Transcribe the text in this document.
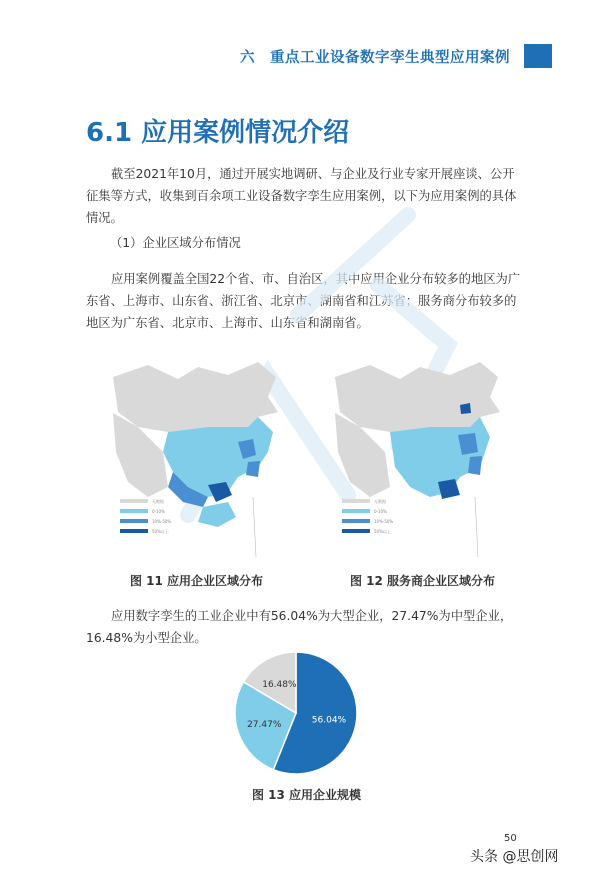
六　重点工业设备数字孪生典型应用案例
6.1 应用案例情况介绍

截至2021年10月，通过开展实地调研、与企业及行业专家开展座谈、公开征集等方式，收集到百余项工业设备数字孪生应用案例，以下为应用案例的具体情况。

（1）企业区域分布情况

应用案例覆盖全国22个省、市、自治区，其中应用企业分布较多的地区为广东省、上海市、山东省、浙江省、北京市、湖南省和江苏省；服务商分布较多的地区为广东省、北京市、上海市、山东省和湖南省。

无数据
0-10%
10%-50%
50%以上
无数据
0-10%
10%-50%
50%以上
图 11 应用企业区域分布	图 12 服务商企业区域分布

应用数字孪生的工业企业中有56.04%为大型企业，27.47%为中型企业，16.48%为小型企业。

56.04%
27.47%
16.48%
图 13 应用企业规模
50
头条 @思创网
